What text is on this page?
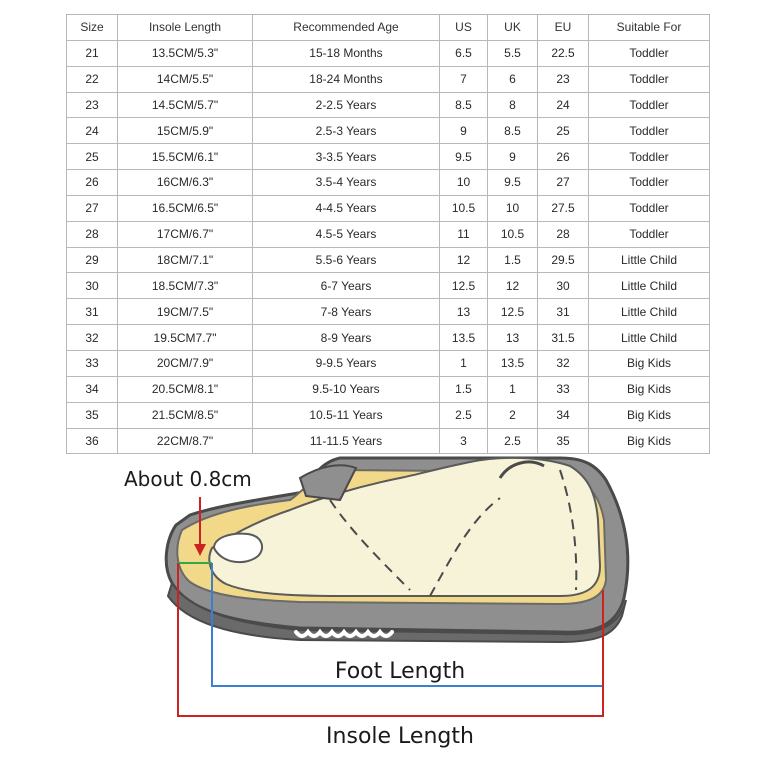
Size	Insole Length	Recommended Age	US	UK	EU	Suitable For
21	13.5CM/5.3"	15-18 Months	6.5	5.5	22.5	Toddler
22	14CM/5.5"	18-24 Months	7	6	23	Toddler
23	14.5CM/5.7"	2-2.5 Years	8.5	8	24	Toddler
24	15CM/5.9"	2.5-3 Years	9	8.5	25	Toddler
25	15.5CM/6.1"	3-3.5 Years	9.5	9	26	Toddler
26	16CM/6.3"	3.5-4 Years	10	9.5	27	Toddler
27	16.5CM/6.5"	4-4.5 Years	10.5	10	27.5	Toddler
28	17CM/6.7"	4.5-5 Years	11	10.5	28	Toddler
29	18CM/7.1"	5.5-6 Years	12	1.5	29.5	Little Child
30	18.5CM/7.3"	6-7 Years	12.5	12	30	Little Child
31	19CM/7.5"	7-8 Years	13	12.5	31	Little Child
32	19.5CM7.7"	8-9 Years	13.5	13	31.5	Little Child
33	20CM/7.9"	9-9.5 Years	1	13.5	32	Big Kids
34	20.5CM/8.1"	9.5-10 Years	1.5	1	33	Big Kids
35	21.5CM/8.5"	10.5-11 Years	2.5	2	34	Big Kids
36	22CM/8.7"	11-11.5 Years	3	2.5	35	Big Kids
About 0.8cm
Foot Length
Insole Length
